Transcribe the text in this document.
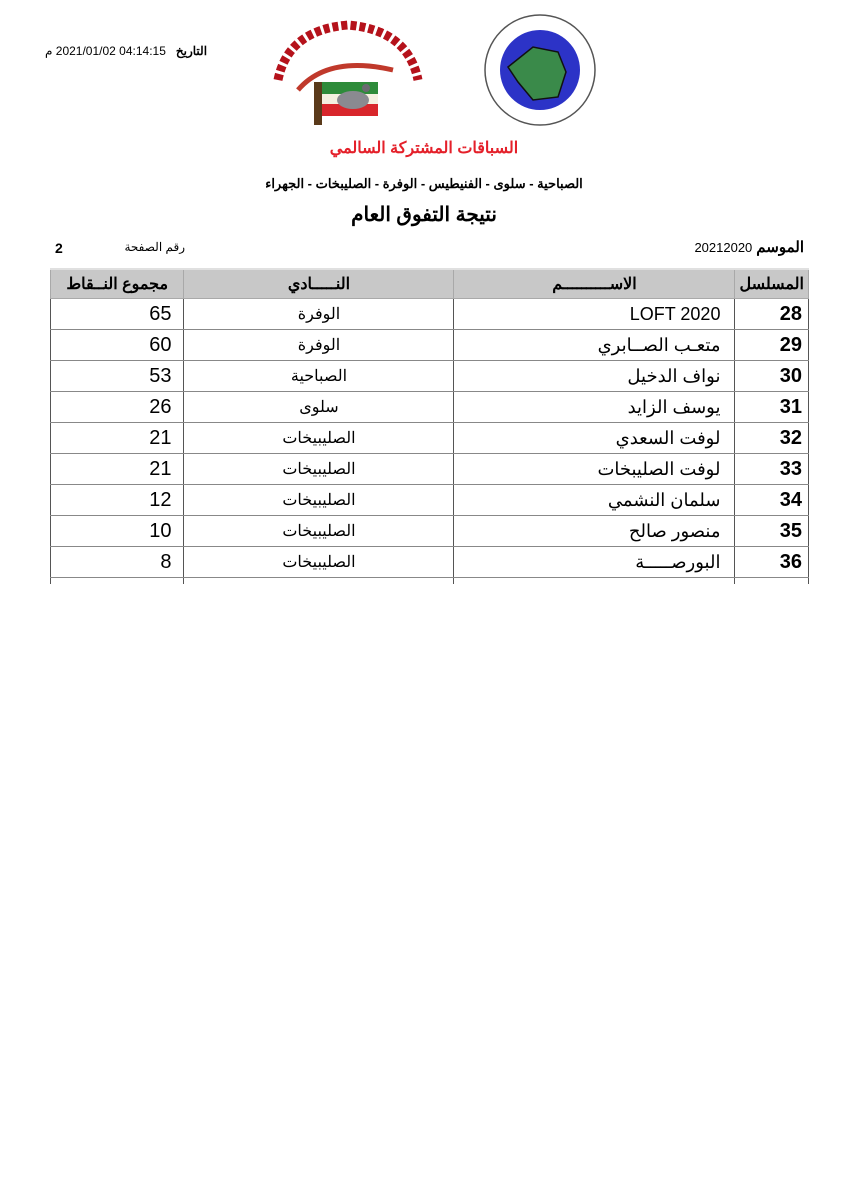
التاريخ04:14:15 2021/01/02 م
السباقات المشتركة السالمي
الصباحية - سلوى - الفنيطيس - الوفرة - الصليبخات - الجهراء
نتيجة التفوق العام
الموسم20212020
رقم الصفحة
2
المسلسل	الاســــــــــم	النـــــادي	مجموع النــقاط
28	LOFT 2020	الوفرة	65
29	متعـب الصــابري	الوفرة	60
30	نواف الدخيل	الصباحية	53
31	يوسف الزايد	سلوى	26
32	لوفت السعدي	الصليبيخات	21
33	لوفت الصليبخات	الصليبيخات	21
34	سلمان النشمي	الصليبيخات	12
35	منصور صالح	الصليبيخات	10
36	البورصـــــة	الصليبيخات	8
